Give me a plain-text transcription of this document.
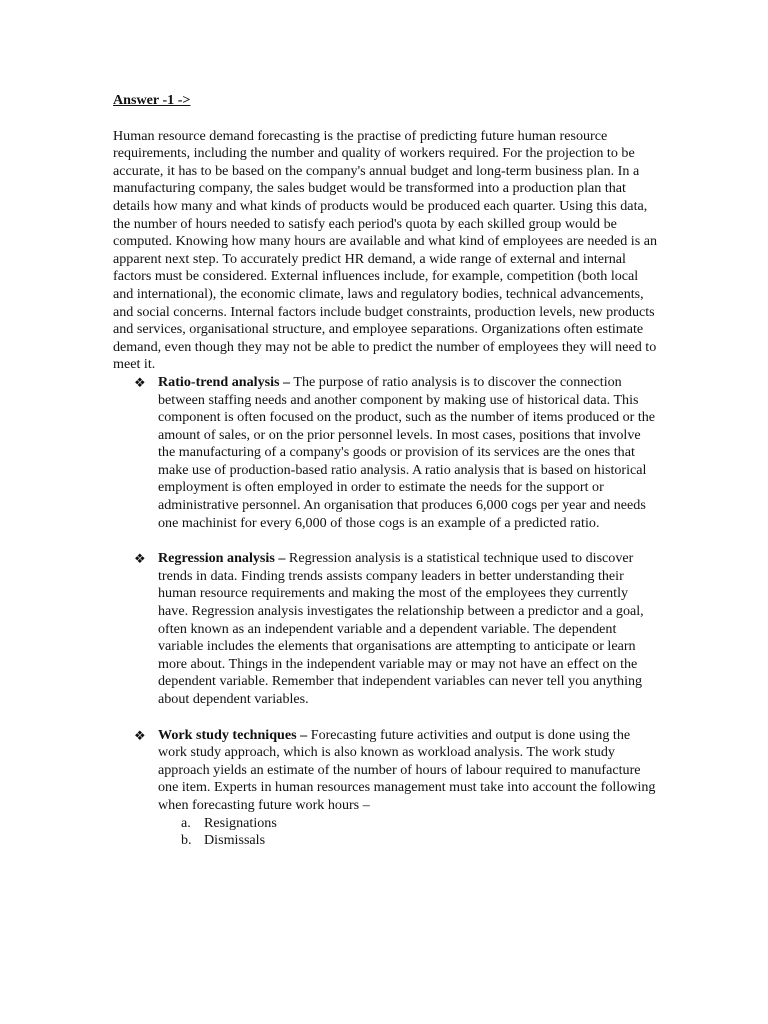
Answer -1 ->

Human resource demand forecasting is the practise of predicting future human resource requirements, including the number and quality of workers required. For the projection to be accurate, it has to be based on the company's annual budget and long-term business plan. In a manufacturing company, the sales budget would be transformed into a production plan that details how many and what kinds of products would be produced each quarter. Using this data, the number of hours needed to satisfy each period's quota by each skilled group would be computed. Knowing how many hours are available and what kind of employees are needed is an apparent next step. To accurately predict HR demand, a wide range of external and internal factors must be considered. External influences include, for example, competition (both local and international), the economic climate, laws and regulatory bodies, technical advancements, and social concerns. Internal factors include budget constraints, production levels, new products and services, organisational structure, and employee separations. Organizations often estimate demand, even though they may not be able to predict the number of employees they will need to meet it.

❖ Ratio-trend analysis – The purpose of ratio analysis is to discover the connection between staffing needs and another component by making use of historical data. This component is often focused on the product, such as the number of items produced or the amount of sales, or on the prior personnel levels. In most cases, positions that involve the manufacturing of a company's goods or provision of its services are the ones that make use of production-based ratio analysis. A ratio analysis that is based on historical employment is often employed in order to estimate the needs for the support or administrative personnel. An organisation that produces 6,000 cogs per year and needs one machinist for every 6,000 of those cogs is an example of a predicted ratio.
❖ Regression analysis – Regression analysis is a statistical technique used to discover trends in data. Finding trends assists company leaders in better understanding their human resource requirements and making the most of the employees they currently have. Regression analysis investigates the relationship between a predictor and a goal, often known as an independent variable and a dependent variable. The dependent variable includes the elements that organisations are attempting to anticipate or learn more about. Things in the independent variable may or may not have an effect on the dependent variable. Remember that independent variables can never tell you anything about dependent variables.
❖ Work study techniques – Forecasting future activities and output is done using the work study approach, which is also known as workload analysis. The work study approach yields an estimate of the number of hours of labour required to manufacture one item. Experts in human resources management must take into account the following when forecasting future work hours –
a. Resignations
b. Dismissals
